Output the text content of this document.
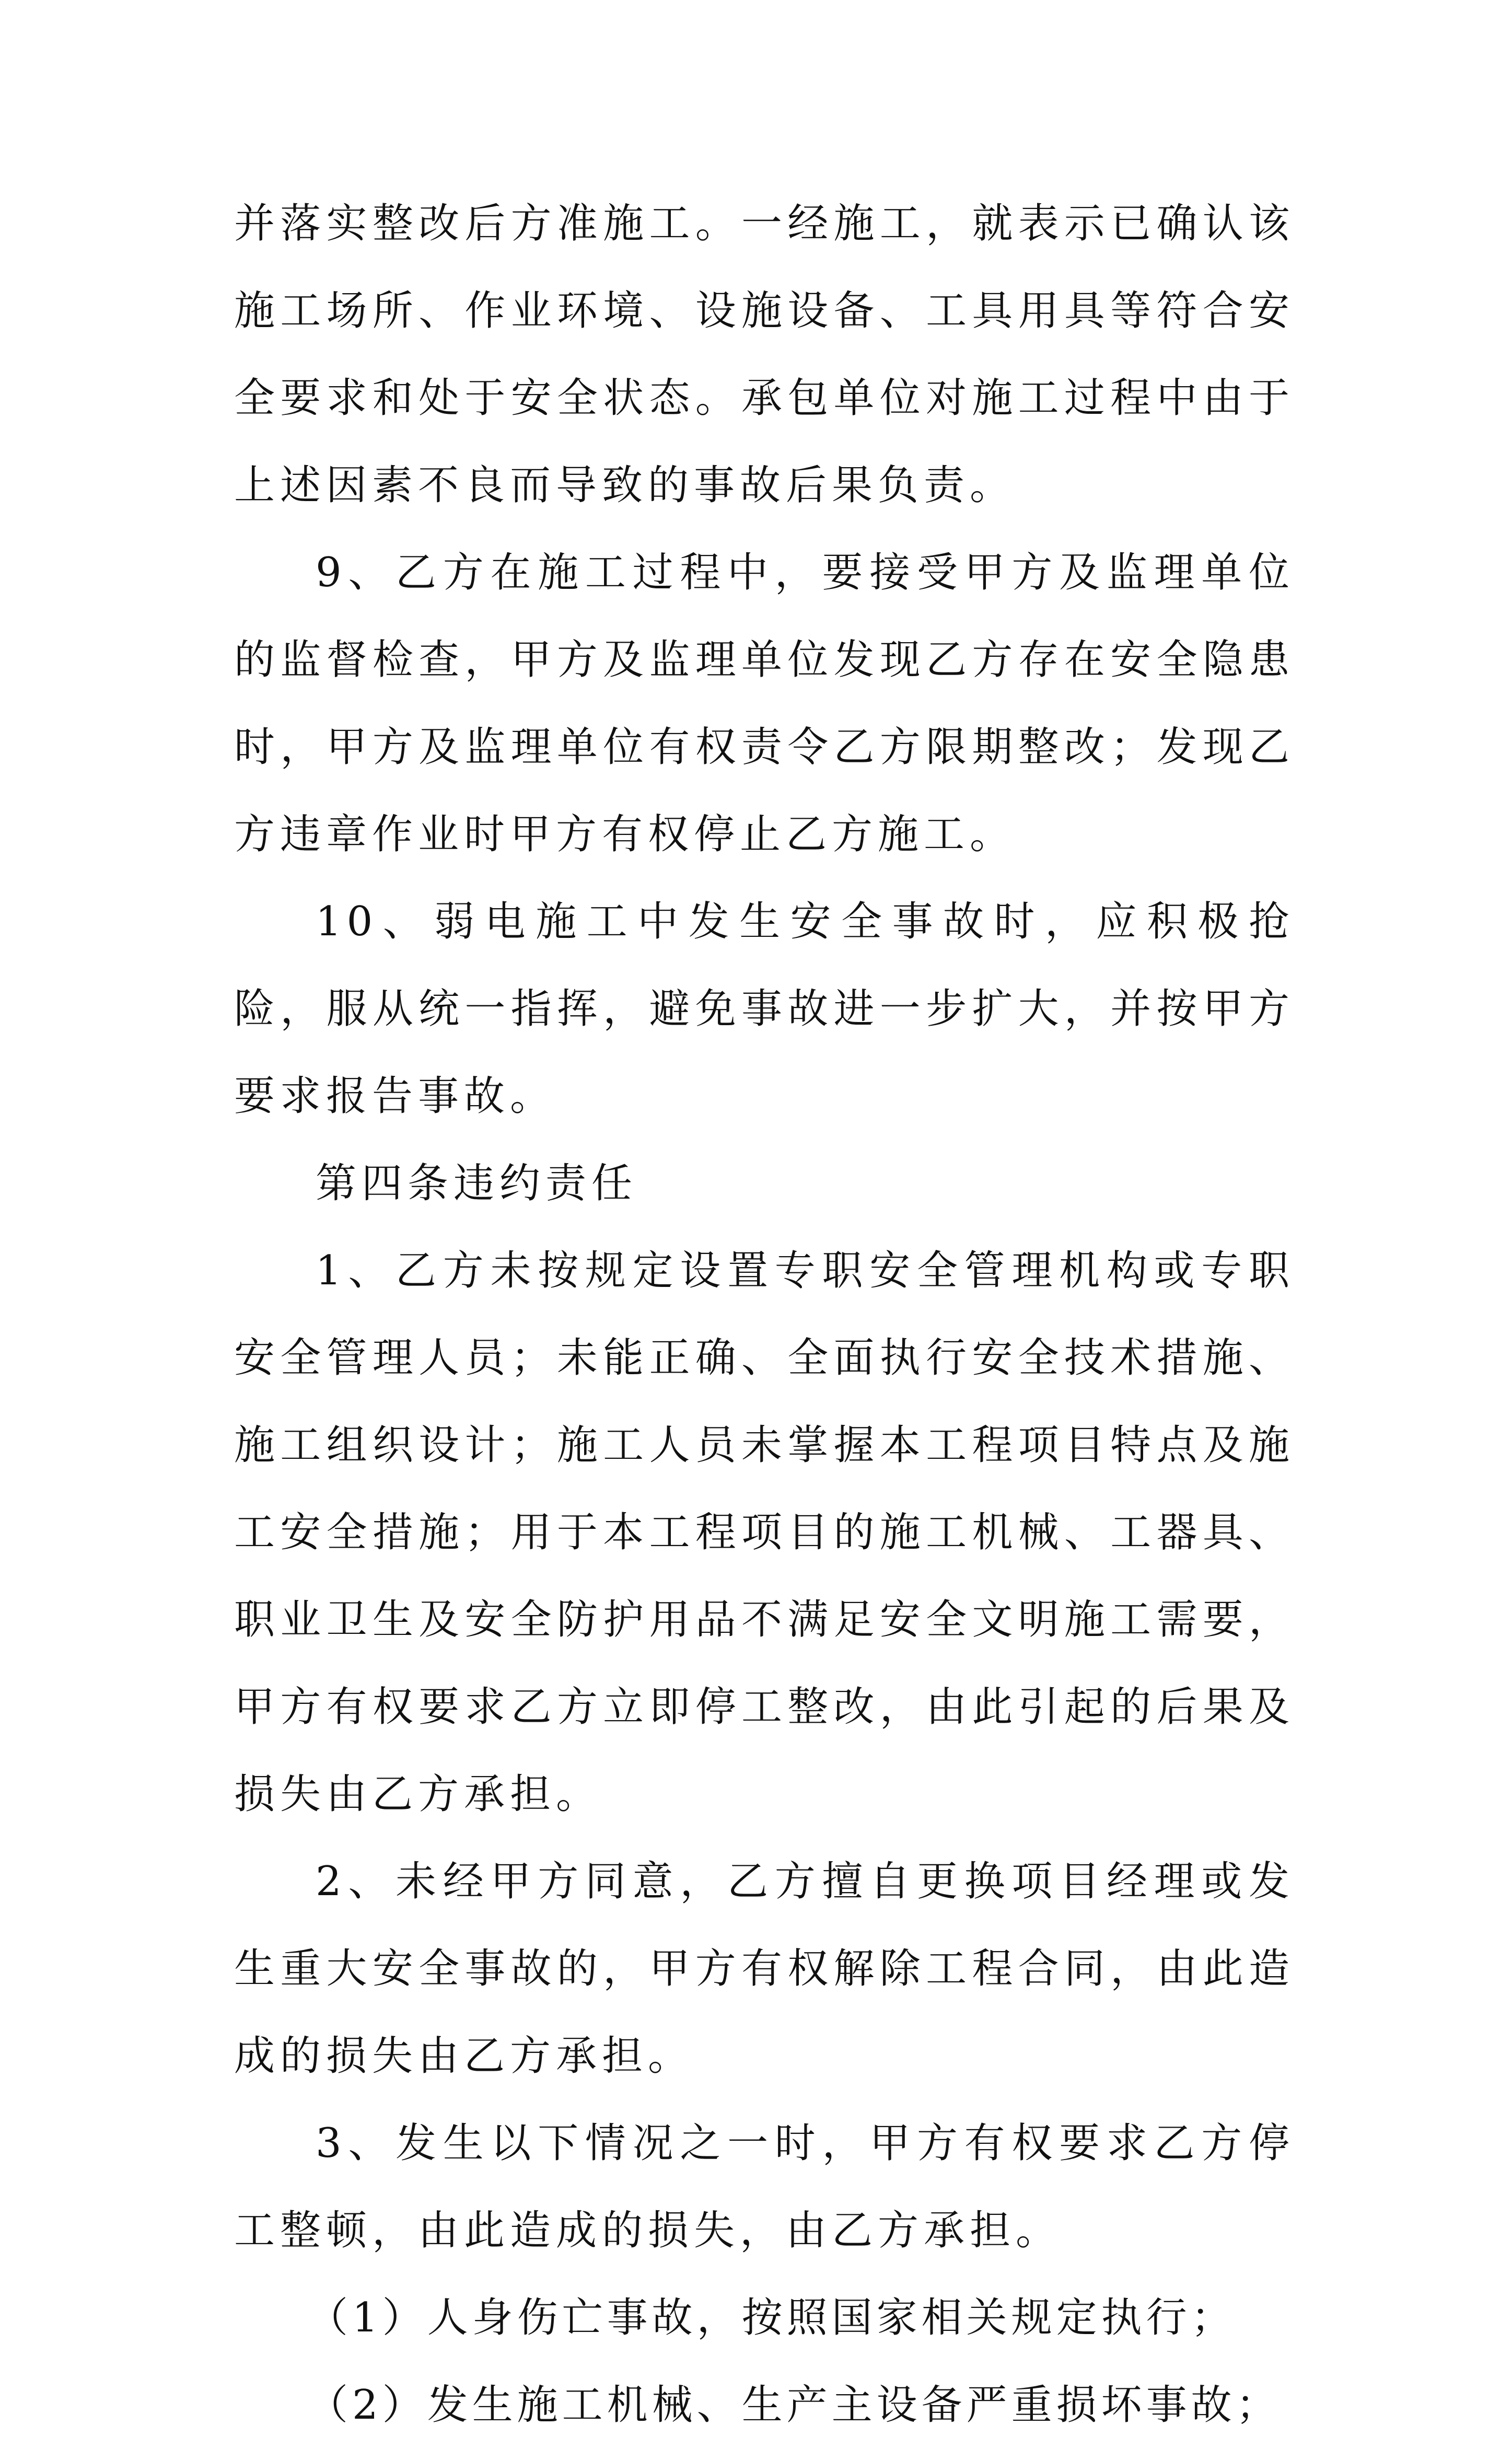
并落实整改后方准施工。一经施工，就表示已确认该施工场所、作业环境、设施设备、工具用具等符合安全要求和处于安全状态。承包单位对施工过程中由于上述因素不良而导致的事故后果负责。

9、乙方在施工过程中，要接受甲方及监理单位的监督检查，甲方及监理单位发现乙方存在安全隐患时，甲方及监理单位有权责令乙方限期整改；发现乙方违章作业时甲方有权停止乙方施工。

10、弱电施工中发生安全事故时，应积极抢险，服从统一指挥，避免事故进一步扩大，并按甲方要求报告事故。

第四条违约责任

1、乙方未按规定设置专职安全管理机构或专职安全管理人员；未能正确、全面执行安全技术措施、施工组织设计；施工人员未掌握本工程项目特点及施工安全措施；用于本工程项目的施工机械、工器具、职业卫生及安全防护用品不满足安全文明施工需要，甲方有权要求乙方立即停工整改，由此引起的后果及损失由乙方承担。

2、未经甲方同意，乙方擅自更换项目经理或发生重大安全事故的，甲方有权解除工程合同，由此造成的损失由乙方承担。

3、发生以下情况之一时，甲方有权要求乙方停工整顿，由此造成的损失，由乙方承担。

（1）人身伤亡事故，按照国家相关规定执行；

（2）发生施工机械、生产主设备严重损坏事故；
